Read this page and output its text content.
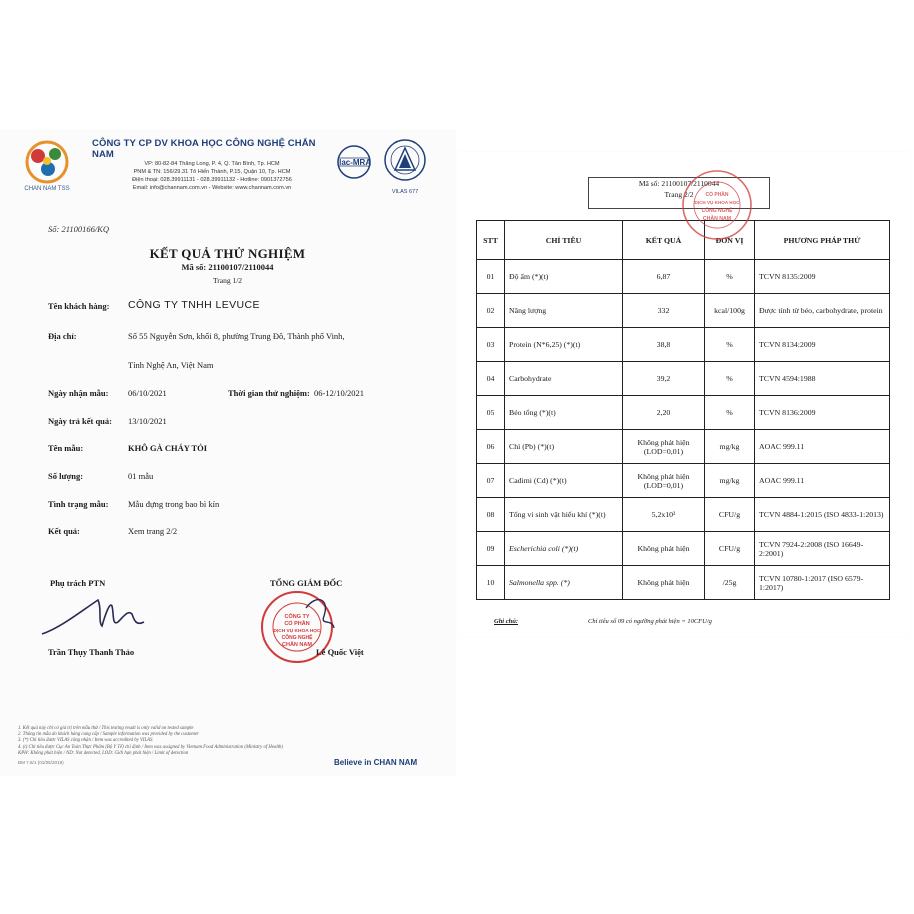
CHAN NAM TSS
CÔNG TY CP DV KHOA HỌC CÔNG NGHỆ CHẮN NAM
VP: 80-82-84 Thăng Long, P. 4, Q. Tân Bình, Tp. HCM
PNM & TN: 156/29.31 Tô Hiến Thành, P.15, Quận 10, Tp. HCM
Điện thoại: 028.39911131 - 028.39911132 - Hotline: 0901372756
Email: info@channam.com.vn - Website: www.channam.com.vn
ilac-MRA
VILAS 677
Số: 21100166/KQ
KẾT QUẢ THỬ NGHIỆM
Mã số: 21100107/2110044
Trang 1/2
Tên khách hàng: CÔNG TY TNHH LEVUCE
Địa chỉ:	Số 55 Nguyễn Sơn, khối 8, phường Trung Đô, Thành phố Vinh,
Tỉnh Nghệ An, Việt Nam
Ngày nhận mẫu: 06/10/2021	Thời gian thử nghiệm: 06-12/10/2021
Ngày trả kết quả: 13/10/2021
Tên mẫu:	KHÔ GÀ CHÁY TỎI
Số lượng:	01 mẫu
Tình trạng mẫu: Mẫu đựng trong bao bì kín
Kết quả:	Xem trang 2/2
Phụ trách PTN	TỔNG GIÁM ĐỐC
CÔNG TY
CỔ PHẦN
DỊCH VỤ KHOA HỌC
CÔNG NGHỆ
CHẮN NAM
Trần Thụy Thanh Thảo	Lê Quốc Việt
1. Kết quả này chỉ có giá trị trên mẫu thử / This testing result is only valid on tested sample
2. Thông tin mẫu do khách hàng cung cấp / Sample information was provided by the customer
3. (*) Chỉ tiêu được VILAS công nhận / Item was accredited by VILAS
4. (t) Chỉ tiêu được Cục An Toàn Thực Phẩm (Bộ Y Tế) chỉ định / Item was assigned by Vietnam Food Administration (Ministry of Health)
KPH: Không phát hiện / ND: Not detected, LOD: Giới hạn phát hiện / Limit of detection
BM 7.8/1 (01/05/2019)	Believe in CHAN NAM
Mã số: 21100107/2110044
Trang 2/2
STT	CHỈ TIÊU	KẾT QUẢ	ĐƠN VỊ	PHƯƠNG PHÁP THỬ
01	Độ ẩm (*)(t)	6,87	%	TCVN 8135:2009
02	Năng lượng	332	kcal/100g	Được tính từ béo, carbohydrate, protein
03	Protein (N*6,25) (*)(t)	38,8	%	TCVN 8134:2009
04	Carbohydrate	39,2	%	TCVN 4594:1988
05	Béo tổng (*)(t)	2,20	%	TCVN 8136:2009
06	Chì (Pb) (*)(t)	Không phát hiện (LOD=0,01)	mg/kg	AOAC 999.11
07	Cadimi (Cd) (*)(t)	Không phát hiện (LOD=0,01)	mg/kg	AOAC 999.11
08	Tổng vi sinh vật hiếu khí (*)(t)	5,2x10³	CFU/g	TCVN 4884-1:2015 (ISO 4833-1:2013)
09	Escherichia coli (*)(t)	Không phát hiện	CFU/g	TCVN 7924-2:2008 (ISO 16649-2:2001)
10	Salmonella spp. (*)	Không phát hiện	/25g	TCVN 10780-1:2017 (ISO 6579-1:2017)
Ghi chú:	Chỉ tiêu số 09 có ngưỡng phát hiện = 10CFU/g
CỔ PHẦN
DỊCH VỤ KHOA HỌC
CÔNG NGHỆ
CHẮN NAM
